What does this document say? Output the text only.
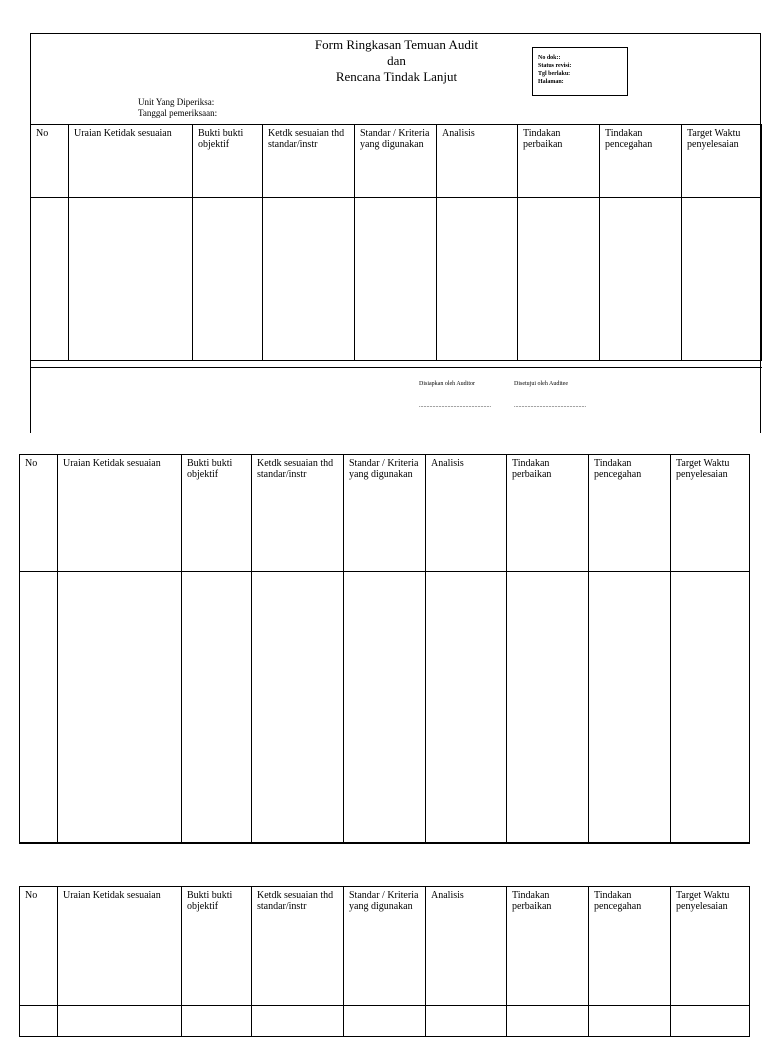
Form Ringkasan Temuan Audit
dan
Rencana Tindak Lanjut
No dok::
Status revisi:
Tgl berlaku:
Halaman:
Unit Yang Diperiksa:
Tanggal pemeriksaan:
No	Uraian Ketidak sesuaian	Bukti bukti objektif	Ketdk sesuaian thd standar/instr	Standar / Kriteria yang digunakan	Analisis	Tindakan perbaikan	Tindakan pencegahan	Target Waktu penyelesaian

Disiapkan oleh Auditor
................................................
Disetujui oleh Auditee
................................................
No	Uraian Ketidak sesuaian	Bukti bukti objektif	Ketdk sesuaian thd standar/instr	Standar / Kriteria yang digunakan	Analisis	Tindakan perbaikan	Tindakan pencegahan	Target Waktu penyelesaian

No	Uraian Ketidak sesuaian	Bukti bukti objektif	Ketdk sesuaian thd standar/instr	Standar / Kriteria yang digunakan	Analisis	Tindakan perbaikan	Tindakan pencegahan	Target Waktu penyelesaian
